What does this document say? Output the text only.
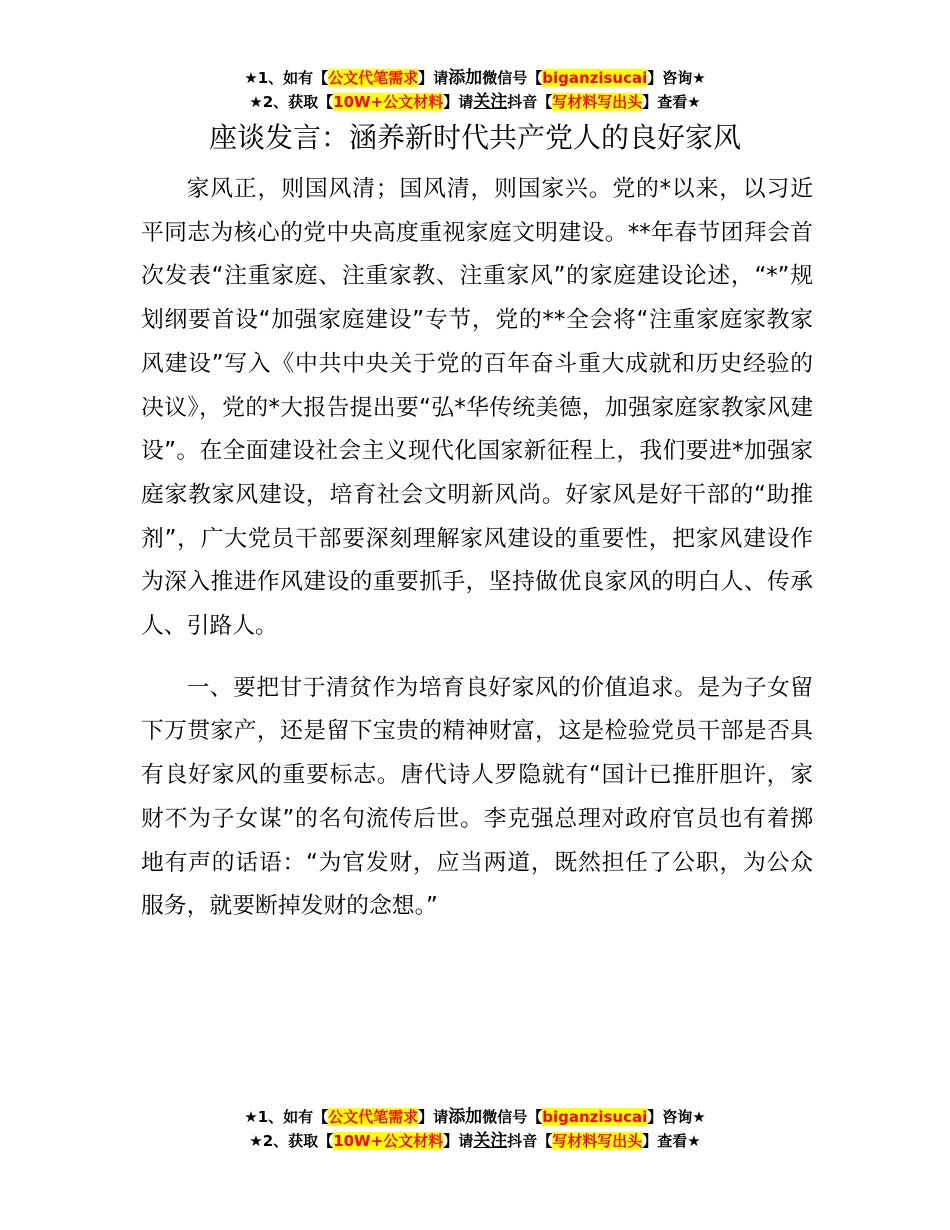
★1、如有【公文代笔需求】请添加微信号【biganzisucai】咨询★
★2、获取【10W+公文材料】请关注抖音【写材料写出头】查看★
座谈发言：涵养新时代共产党人的良好家风

家风正，则国风清；国风清，则国家兴。党的*以来，以习近平同志为核心的党中央高度重视家庭文明建设。**年春节团拜会首次发表“注重家庭、注重家教、注重家风”的家庭建设论述，“*”规划纲要首设“加强家庭建设”专节，党的**全会将“注重家庭家教家风建设”写入《中共中央关于党的百年奋斗重大成就和历史经验的决议》，党的*大报告提出要“弘*华传统美德，加强家庭家教家风建设”。在全面建设社会主义现代化国家新征程上，我们要进*加强家庭家教家风建设，培育社会文明新风尚。好家风是好干部的“助推剂”，广大党员干部要深刻理解家风建设的重要性，把家风建设作为深入推进作风建设的重要抓手，坚持做优良家风的明白人、传承人、引路人。

一、要把甘于清贫作为培育良好家风的价值追求。是为子女留下万贯家产，还是留下宝贵的精神财富，这是检验党员干部是否具有良好家风的重要标志。唐代诗人罗隐就有“国计已推肝胆许，家财不为子女谋”的名句流传后世。李克强总理对政府官员也有着掷地有声的话语：“为官发财，应当两道，既然担任了公职，为公众服务，就要断掉发财的念想。”

★1、如有【公文代笔需求】请添加微信号【biganzisucai】咨询★
★2、获取【10W+公文材料】请关注抖音【写材料写出头】查看★
